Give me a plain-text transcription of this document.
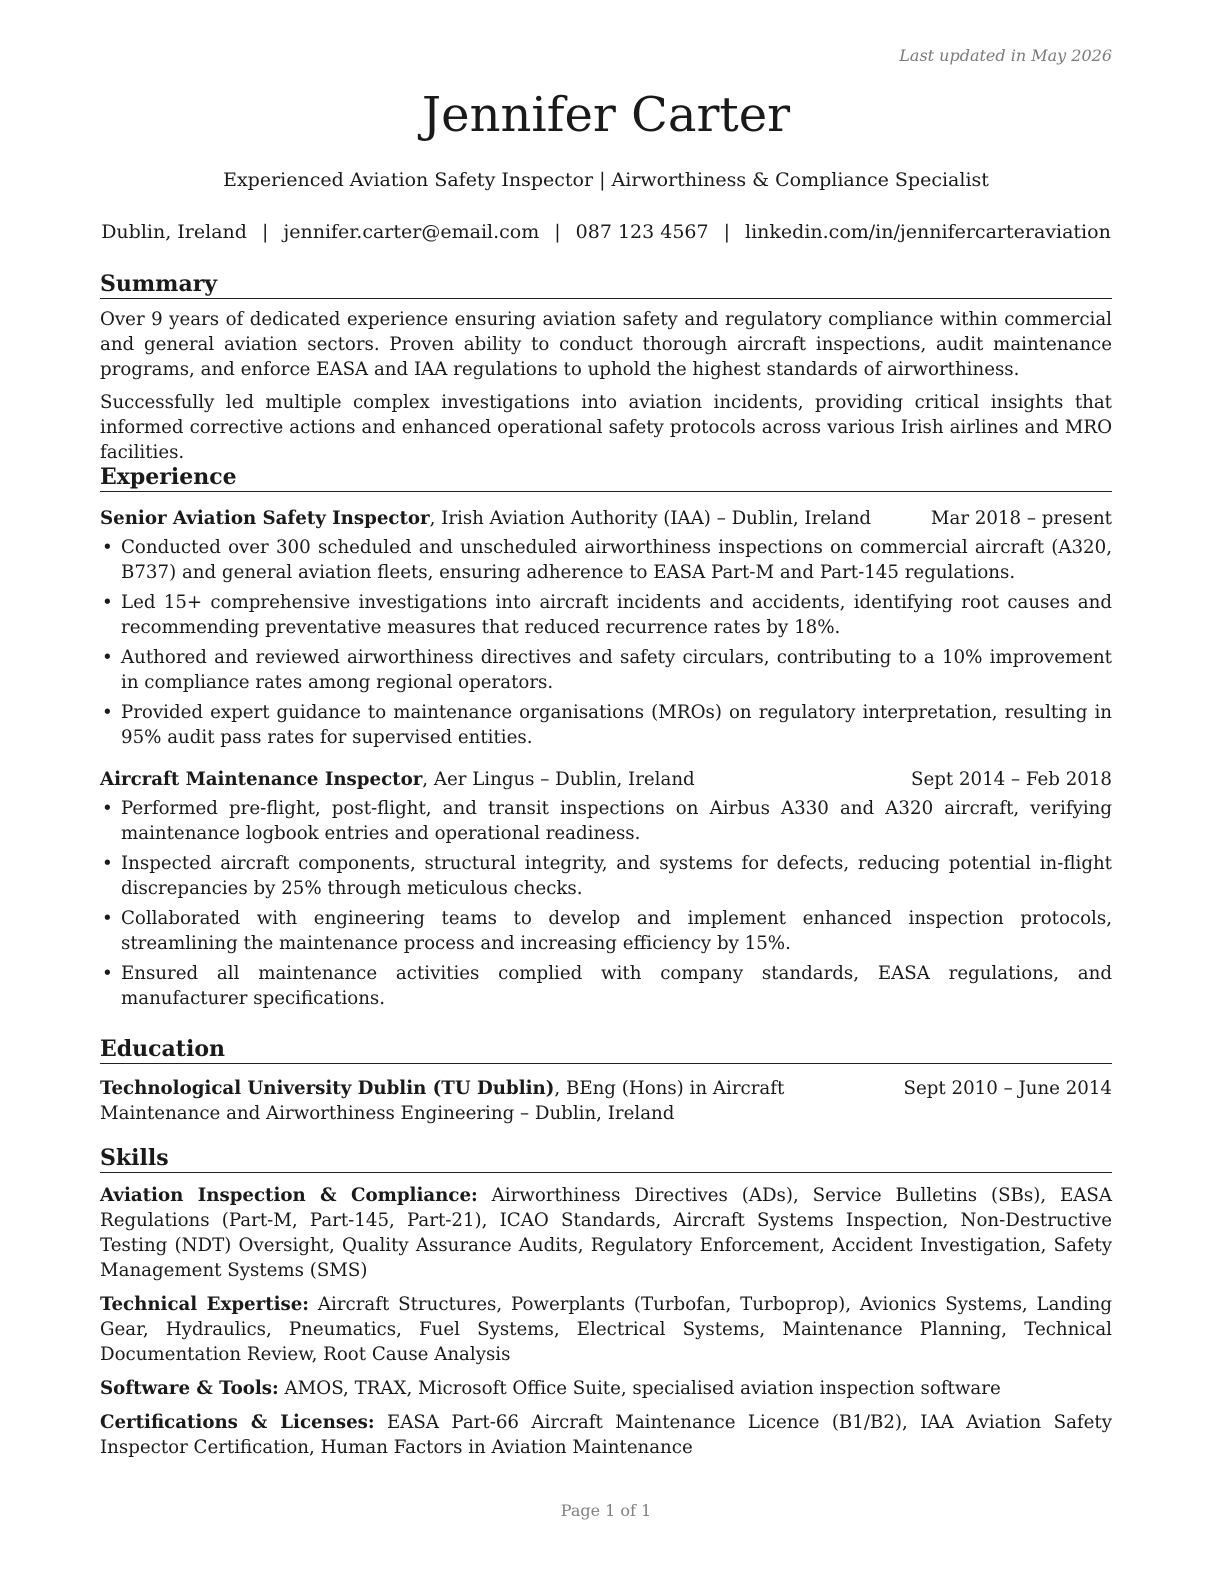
Last updated in May 2026
Jennifer Carter
Experienced Aviation Safety Inspector | Airworthiness & Compliance Specialist
Dublin, Ireland | jennifer.carter@email.com | 087 123 4567 | linkedin.com/in/jennifercarteraviation
Summary

Over 9 years of dedicated experience ensuring aviation safety and regulatory compliance within commercial and general aviation sectors. Proven ability to conduct thorough aircraft inspections, audit maintenance programs, and enforce EASA and IAA regulations to uphold the highest standards of airworthiness.

Successfully led multiple complex investigations into aviation incidents, providing critical insights that informed corrective actions and enhanced operational safety protocols across various Irish airlines and MRO facilities.

Experience
Senior Aviation Safety Inspector, Irish Aviation Authority (IAA) – Dublin, Ireland	Mar 2018 – present
• Conducted over 300 scheduled and unscheduled airworthiness inspections on commercial aircraft (A320, B737) and general aviation fleets, ensuring adherence to EASA Part-M and Part-145 regulations.
• Led 15+ comprehensive investigations into aircraft incidents and accidents, identifying root causes and recommending preventative measures that reduced recurrence rates by 18%.
• Authored and reviewed airworthiness directives and safety circulars, contributing to a 10% improvement in compliance rates among regional operators.
• Provided expert guidance to maintenance organisations (MROs) on regulatory interpretation, resulting in 95% audit pass rates for supervised entities.
Aircraft Maintenance Inspector, Aer Lingus – Dublin, Ireland	Sept 2014 – Feb 2018
• Performed pre-flight, post-flight, and transit inspections on Airbus A330 and A320 aircraft, verifying maintenance logbook entries and operational readiness.
• Inspected aircraft components, structural integrity, and systems for defects, reducing potential in-flight discrepancies by 25% through meticulous checks.
• Collaborated with engineering teams to develop and implement enhanced inspection protocols, streamlining the maintenance process and increasing efficiency by 15%.
• Ensured all maintenance activities complied with company standards, EASA regulations, and manufacturer specifications.
Education
Technological University Dublin (TU Dublin), BEng (Hons) in Aircraft Maintenance and Airworthiness Engineering – Dublin, Ireland
Sept 2010 – June 2014
Skills

Aviation Inspection & Compliance: Airworthiness Directives (ADs), Service Bulletins (SBs), EASA Regulations (Part-M, Part-145, Part-21), ICAO Standards, Aircraft Systems Inspection, Non-Destructive Testing (NDT) Oversight, Quality Assurance Audits, Regulatory Enforcement, Accident Investigation, Safety Management Systems (SMS)

Technical Expertise: Aircraft Structures, Powerplants (Turbofan, Turboprop), Avionics Systems, Landing Gear, Hydraulics, Pneumatics, Fuel Systems, Electrical Systems, Maintenance Planning, Technical Documentation Review, Root Cause Analysis

Software & Tools: AMOS, TRAX, Microsoft Office Suite, specialised aviation inspection software

Certifications & Licenses: EASA Part-66 Aircraft Maintenance Licence (B1/B2), IAA Aviation Safety Inspector Certification, Human Factors in Aviation Maintenance

Page 1 of 1
